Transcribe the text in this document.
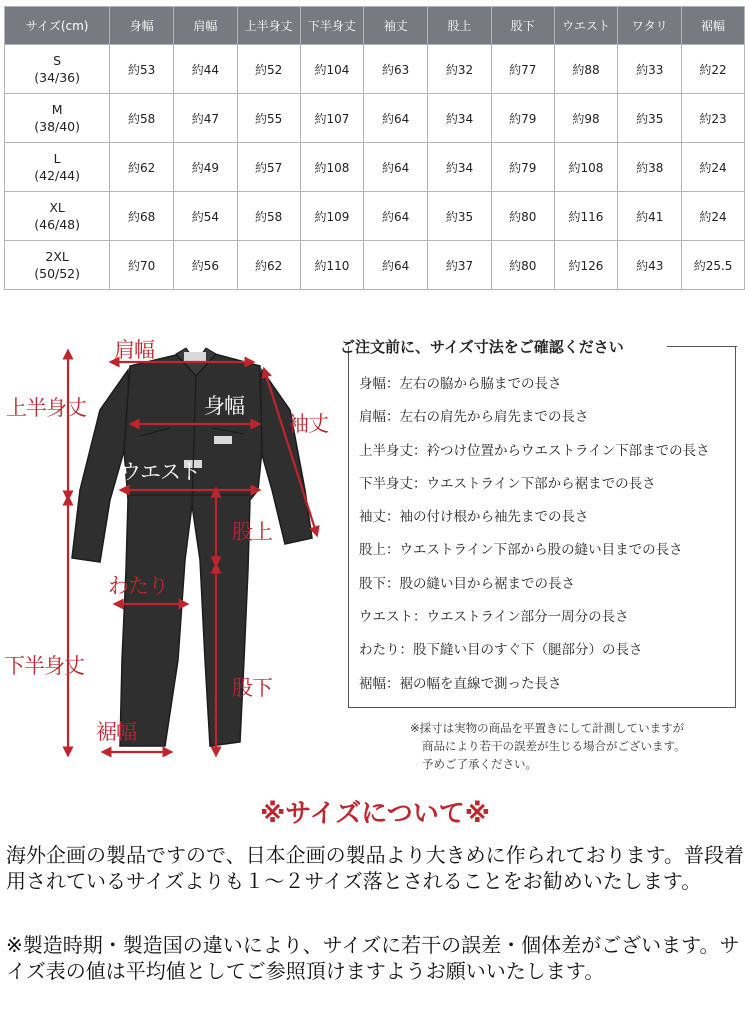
サイズ(cm)	身幅	肩幅	上半身丈	下半身丈	袖丈	股上	股下	ウエスト	ワタリ	裾幅

S
(34/36)	約53	約44	約52	約104	約63	約32	約77	約88	約33	約22

M
(38/40)	約58	約47	約55	約107	約64	約34	約79	約98	約35	約23

L
(42/44)	約62	約49	約57	約108	約64	約34	約79	約108	約38	約24

XL
(46/48)	約68	約54	約58	約109	約64	約35	約80	約116	約41	約24

2XL
(50/52)	約70	約56	約62	約110	約64	約37	約80	約126	約43	約25.5
肩幅
身幅
袖丈
上半身丈
ウエスト
股上
わたり
下半身丈
股下
裾幅
身幅：左右の脇から脇までの長さ
肩幅：左右の肩先から肩先までの長さ
上半身丈：衿つけ位置からウエストライン下部までの長さ
下半身丈：ウエストライン下部から裾までの長さ
袖丈：袖の付け根から袖先までの長さ
股上：ウエストライン下部から股の縫い目までの長さ
股下：股の縫い目から裾までの長さ
ウエスト：ウエストライン部分一周分の長さ
わたり：股下縫い目のすぐ下（腿部分）の長さ
裾幅：裾の幅を直線で測った長さ
ご注文前に、サイズ寸法をご確認ください
※採寸は実物の商品を平置きにして計測していますが
商品により若干の誤差が生じる場合がございます。
予めご了承ください。
※サイズについて※
海外企画の製品ですので、日本企画の製品より大きめに作られております。普段着用されているサイズよりも１～２サイズ落とされることをお勧めいたします。
※製造時期・製造国の違いにより、サイズに若干の誤差・個体差がございます。サイズ表の値は平均値としてご参照頂けますようお願いいたします。
